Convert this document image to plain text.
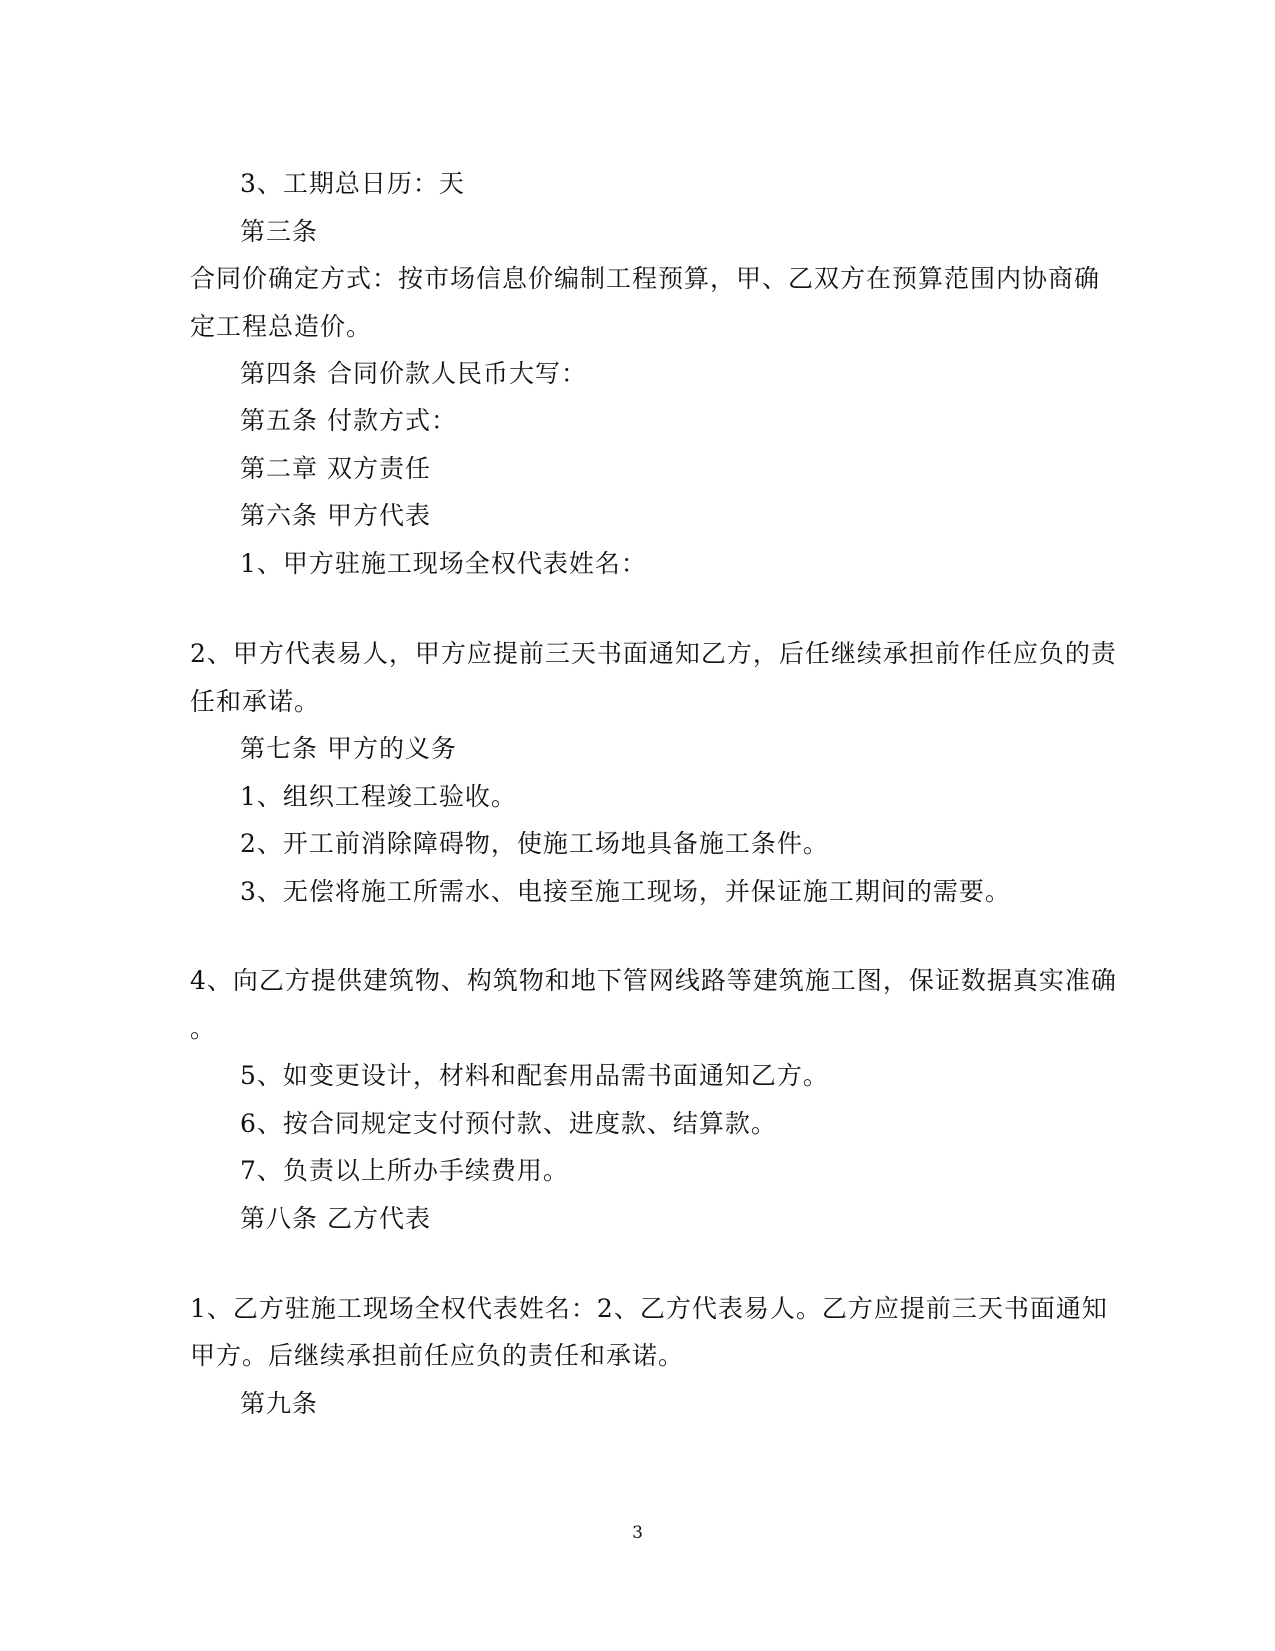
3、工期总日历：天
第三条
合同价确定方式：按市场信息价编制工程预算，甲、乙双方在预算范围内协商确
定工程总造价。
第四条 合同价款人民币大写：
第五条 付款方式：
第二章 双方责任
第六条 甲方代表
1、甲方驻施工现场全权代表姓名：
2、甲方代表易人，甲方应提前三天书面通知乙方，后任继续承担前作任应负的责
任和承诺。
第七条 甲方的义务
1、组织工程竣工验收。
2、开工前消除障碍物，使施工场地具备施工条件。
3、无偿将施工所需水、电接至施工现场，并保证施工期间的需要。
4、向乙方提供建筑物、构筑物和地下管网线路等建筑施工图，保证数据真实准确
。
5、如变更设计，材料和配套用品需书面通知乙方。
6、按合同规定支付预付款、进度款、结算款。
7、负责以上所办手续费用。
第八条 乙方代表
1、乙方驻施工现场全权代表姓名：2、乙方代表易人。乙方应提前三天书面通知
甲方。后继续承担前任应负的责任和承诺。
第九条
3
